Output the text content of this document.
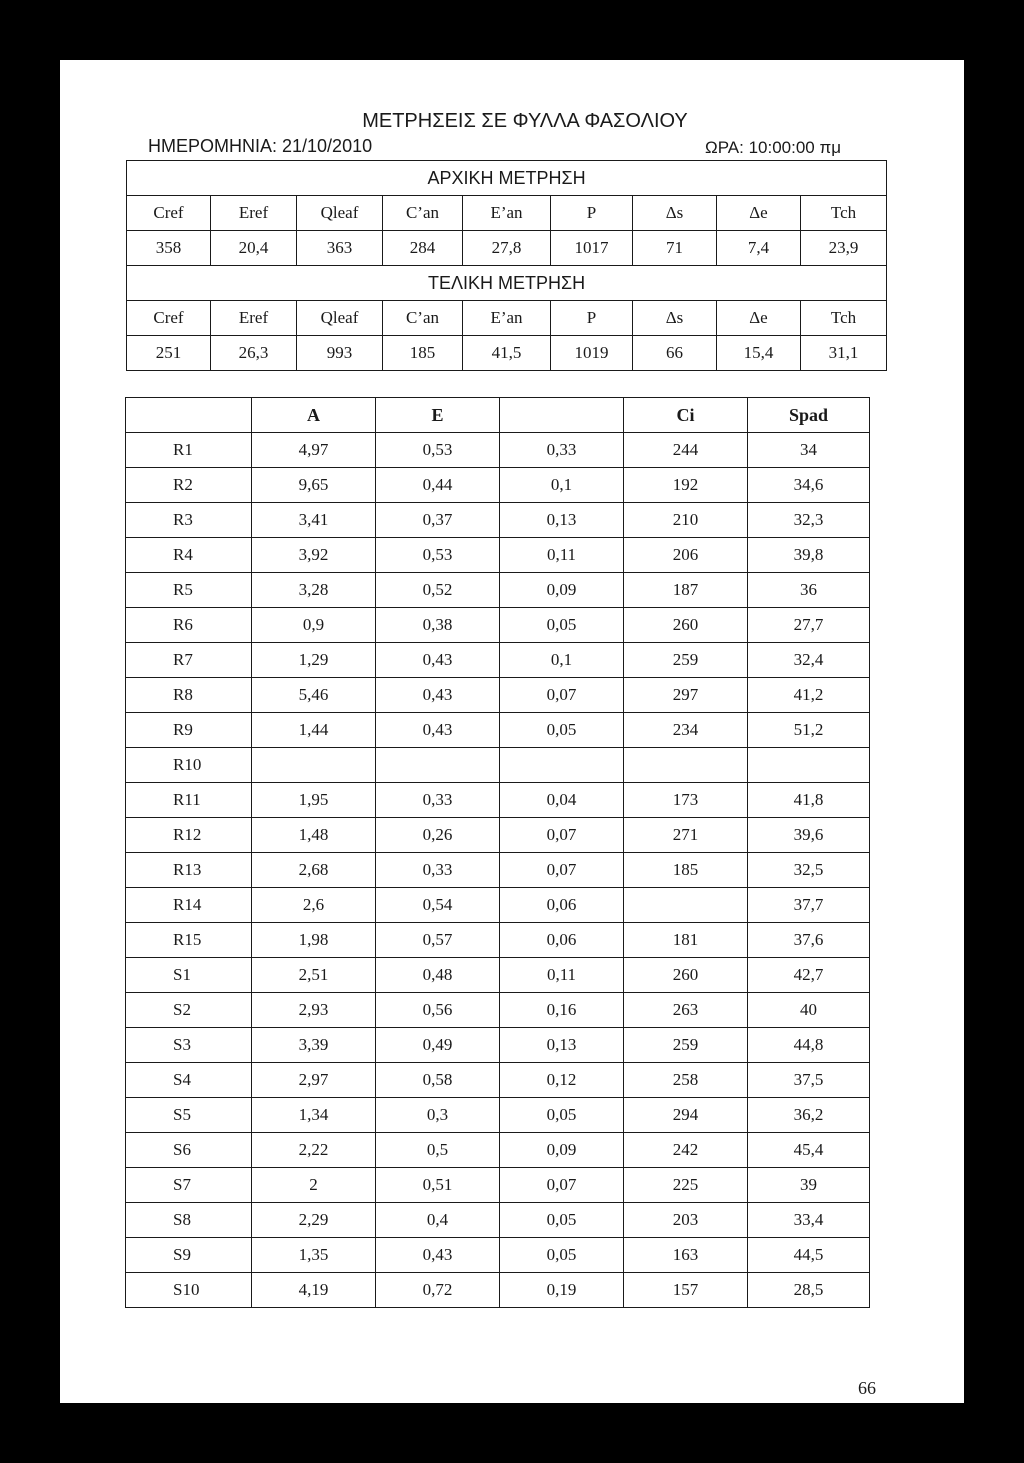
ΜΕΤΡΗΣΕΙΣ ΣΕ ΦΥΛΛΑ ΦΑΣΟΛΙΟΥ
ΗΜΕΡΟΜΗΝΙΑ: 21/10/2010	ΩΡΑ: 10:00:00 πμ
ΑΡΧΙΚΗ ΜΕΤΡΗΣΗ								
Cref	Eref	Qleaf	C’an	E’an	P	Δs	Δe	Tch
358	20,4	363	284	27,8	1017	71	7,4	23,9
ΤΕΛΙΚΗ ΜΕΤΡΗΣΗ								
Cref	Eref	Qleaf	C’an	E’an	P	Δs	Δe	Tch
251	26,3	993	185	41,5	1019	66	15,4	31,1
	A	E		Ci	Spad
R1	4,97	0,53	0,33	244	34
R2	9,65	0,44	0,1	192	34,6
R3	3,41	0,37	0,13	210	32,3
R4	3,92	0,53	0,11	206	39,8
R5	3,28	0,52	0,09	187	36
R6	0,9	0,38	0,05	260	27,7
R7	1,29	0,43	0,1	259	32,4
R8	5,46	0,43	0,07	297	41,2
R9	1,44	0,43	0,05	234	51,2
R10					
R11	1,95	0,33	0,04	173	41,8
R12	1,48	0,26	0,07	271	39,6
R13	2,68	0,33	0,07	185	32,5
R14	2,6	0,54	0,06		37,7
R15	1,98	0,57	0,06	181	37,6
S1	2,51	0,48	0,11	260	42,7
S2	2,93	0,56	0,16	263	40
S3	3,39	0,49	0,13	259	44,8
S4	2,97	0,58	0,12	258	37,5
S5	1,34	0,3	0,05	294	36,2
S6	2,22	0,5	0,09	242	45,4
S7	2	0,51	0,07	225	39
S8	2,29	0,4	0,05	203	33,4
S9	1,35	0,43	0,05	163	44,5
S10	4,19	0,72	0,19	157	28,5
66
